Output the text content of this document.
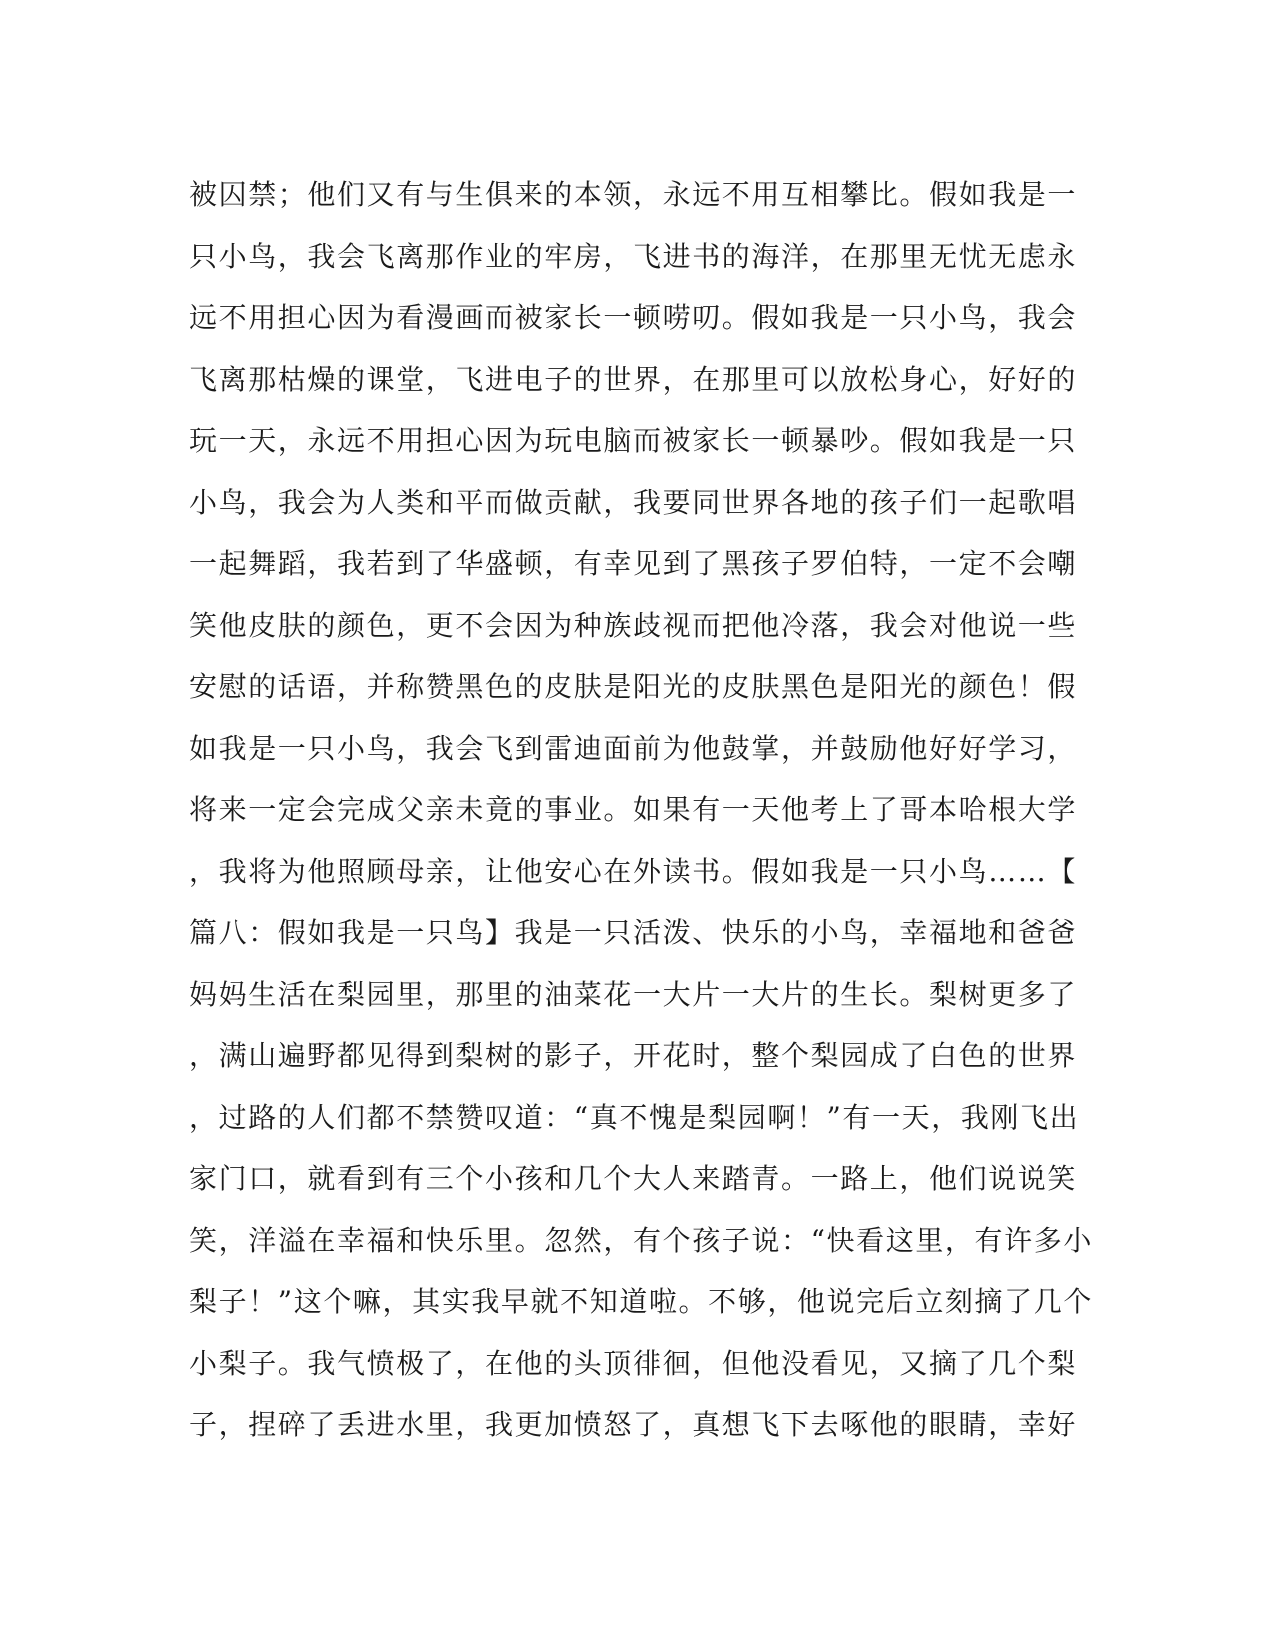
被囚禁；他们又有与生俱来的本领，永远不用互相攀比。假如我是一
只小鸟，我会飞离那作业的牢房，飞进书的海洋，在那里无忧无虑永
远不用担心因为看漫画而被家长一顿唠叨。假如我是一只小鸟，我会
飞离那枯燥的课堂，飞进电子的世界，在那里可以放松身心，好好的
玩一天，永远不用担心因为玩电脑而被家长一顿暴吵。假如我是一只
小鸟，我会为人类和平而做贡献，我要同世界各地的孩子们一起歌唱
一起舞蹈，我若到了华盛顿，有幸见到了黑孩子罗伯特，一定不会嘲
笑他皮肤的颜色，更不会因为种族歧视而把他冷落，我会对他说一些
安慰的话语，并称赞黑色的皮肤是阳光的皮肤黑色是阳光的颜色！假
如我是一只小鸟，我会飞到雷迪面前为他鼓掌，并鼓励他好好学习，
将来一定会完成父亲未竟的事业。如果有一天他考上了哥本哈根大学
，我将为他照顾母亲，让他安心在外读书。假如我是一只小鸟……【
篇八：假如我是一只鸟】我是一只活泼、快乐的小鸟，幸福地和爸爸
妈妈生活在梨园里，那里的油菜花一大片一大片的生长。梨树更多了
，满山遍野都见得到梨树的影子，开花时，整个梨园成了白色的世界
，过路的人们都不禁赞叹道：“真不愧是梨园啊！”有一天，我刚飞出
家门口，就看到有三个小孩和几个大人来踏青。一路上，他们说说笑
笑，洋溢在幸福和快乐里。忽然，有个孩子说：“快看这里，有许多小
梨子！”这个嘛，其实我早就不知道啦。不够，他说完后立刻摘了几个
小梨子。我气愤极了，在他的头顶徘徊，但他没看见，又摘了几个梨
子，捏碎了丢进水里，我更加愤怒了，真想飞下去啄他的眼睛，幸好
